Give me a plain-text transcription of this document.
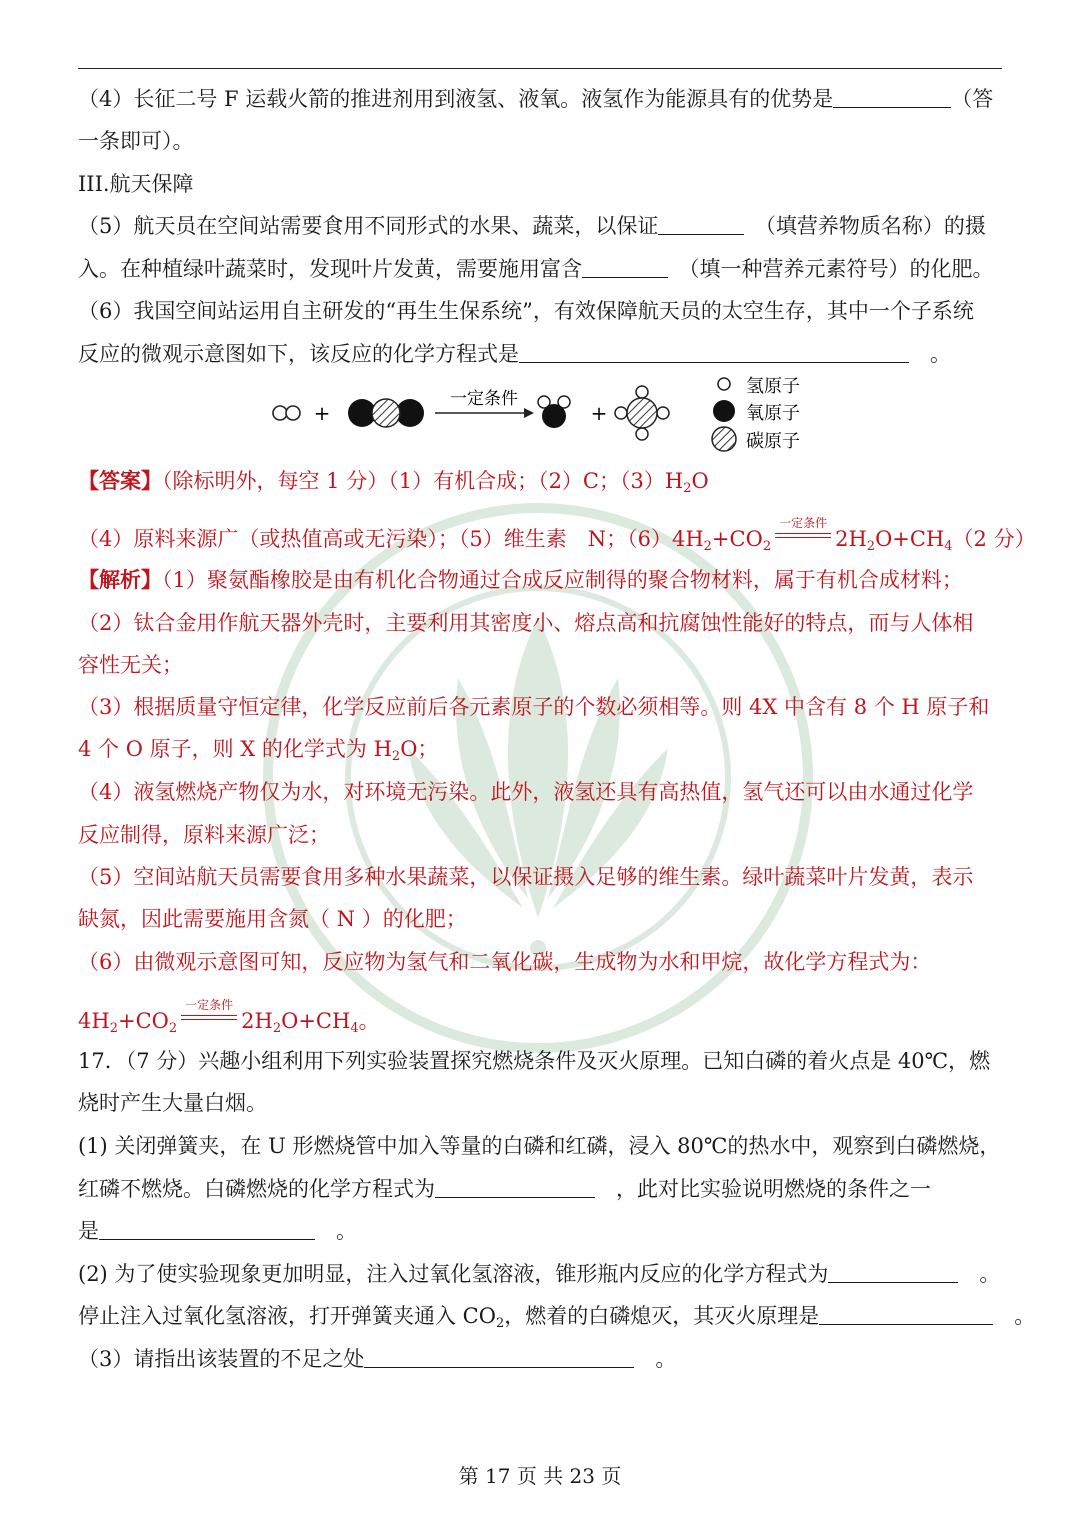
（4）长征二号 F 运载火箭的推进剂用到液氢、液氧。液氢作为能源具有的优势是	（答
一条即可）。
III.航天保障
（5）航天员在空间站需要食用不同形式的水果、蔬菜，以保证　	（填营养物质名称）的摄
入。在种植绿叶蔬菜时，发现叶片发黄，需要施用富含　	（填一种营养元素符号）的化肥。
（6）我国空间站运用自主研发的“再生生保系统”，有效保障航天员的太空生存，其中一个子系统
反应的微观示意图如下，该反应的化学方程式是　	。
+
一定条件
+
氢原子
氧原子
碳原子
【答案】（除标明外，每空 1 分）（1）有机合成；（2）C；$(3)H_2O$
（4）原料来源广（或热值高或无污染）；（5）维生素　N；$(6)4H_2+CO_2$
一定条件
$2H_2O+CH_4(2$ 分）
【解析】（1）聚氨酯橡胶是由有机化合物通过合成反应制得的聚合物材料，属于有机合成材料；
（2）钛合金用作航天器外壳时，主要利用其密度小、熔点高和抗腐蚀性能好的特点，而与人体相
容性无关；
（3）根据质量守恒定律，化学反应前后各元素原子的个数必须相等。则 4X 中含有 8 个 H 原子和
4 个 O 原子，则 X 的化学式为 $H_2O$；
（4）液氢燃烧产物仅为水，对环境无污染。此外，液氢还具有高热值，氢气还可以由水通过化学
反应制得，原料来源广泛；
（5）空间站航天员需要食用多种水果蔬菜，以保证摄入足够的维生素。绿叶蔬菜叶片发黄，表示
缺氮，因此需要施用含氮（ N ）的化肥；
（6）由微观示意图可知，反应物为氢气和二氧化碳，生成物为水和甲烷，故化学方程式为：
$4H_2+CO_2$
一定条件
$2H_2O+CH_4$。
17．（7 分）兴趣小组利用下列实验装置探究燃烧条件及灭火原理。已知白磷的着火点是 40℃，燃
烧时产生大量白烟。
(1) 关闭弹簧夹，在 U 形燃烧管中加入等量的白磷和红磷，浸入 80℃的热水中，观察到白磷燃烧，
红磷不燃烧。白磷燃烧的化学方程式为　	，此对比实验说明燃烧的条件之一
是　	。
(2) 为了使实验现象更加明显，注入过氧化氢溶液，锥形瓶内反应的化学方程式为　	。
停止注入过氧化氢溶液，打开弹簧夹通入 $CO_2$，燃着的白磷熄灭，其灭火原理是　	。
（3）请指出该装置的不足之处　	。
第 17 页 共 23 页
